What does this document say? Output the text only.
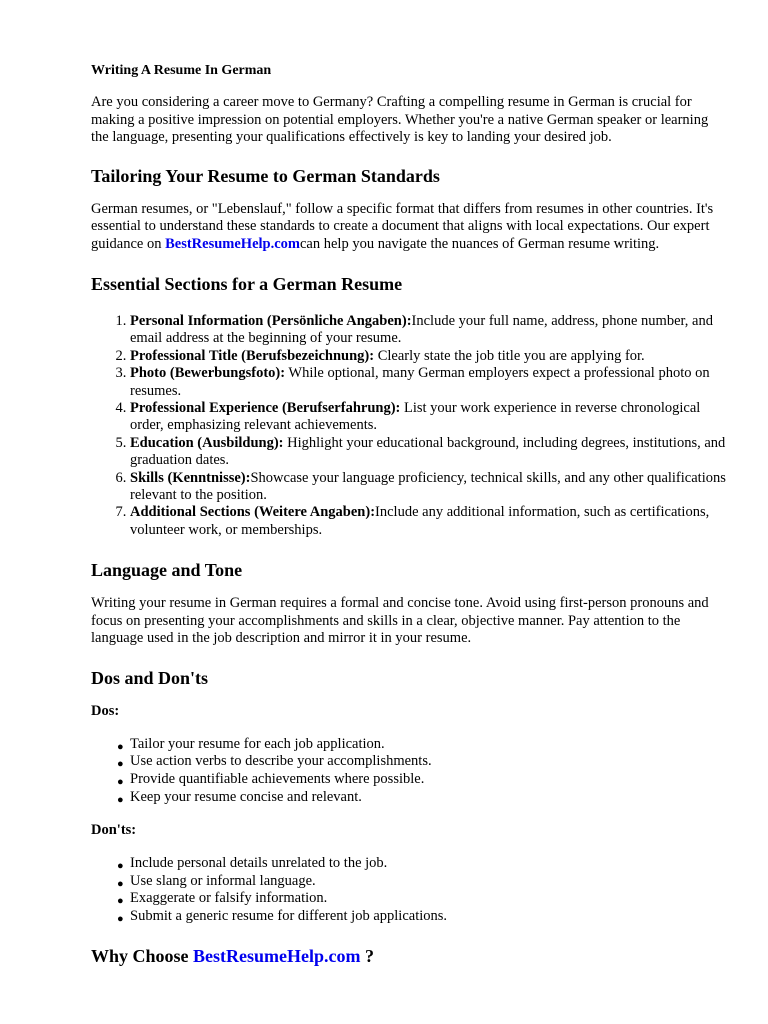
Writing A Resume In German

Are you considering a career move to Germany? Crafting a compelling resume in German is crucial for making a positive impression on potential employers. Whether you're a native German speaker or learning the language, presenting your qualifications effectively is key to landing your desired job.

Tailoring Your Resume to German Standards

German resumes, or "Lebenslauf," follow a specific format that differs from resumes in other countries. It's essential to understand these standards to create a document that aligns with local expectations. Our expert guidance on BestResumeHelp.comcan help you navigate the nuances of German resume writing.

Essential Sections for a German Resume
1. Personal Information (Persönliche Angaben):Include your full name, address, phone number, and email address at the beginning of your resume.
2. Professional Title (Berufsbezeichnung): Clearly state the job title you are applying for.
3. Photo (Bewerbungsfoto): While optional, many German employers expect a professional photo on resumes.
4. Professional Experience (Berufserfahrung): List your work experience in reverse chronological order, emphasizing relevant achievements.
5. Education (Ausbildung): Highlight your educational background, including degrees, institutions, and graduation dates.
6. Skills (Kenntnisse):Showcase your language proficiency, technical skills, and any other qualifications relevant to the position.
7. Additional Sections (Weitere Angaben):Include any additional information, such as certifications, volunteer work, or memberships.
Language and Tone

Writing your resume in German requires a formal and concise tone. Avoid using first-person pronouns and focus on presenting your accomplishments and skills in a clear, objective manner. Pay attention to the language used in the job description and mirror it in your resume.

Dos and Don'ts
Dos:
● Tailor your resume for each job application.
● Use action verbs to describe your accomplishments.
● Provide quantifiable achievements where possible.
● Keep your resume concise and relevant.
Don'ts:
● Include personal details unrelated to the job.
● Use slang or informal language.
● Exaggerate or falsify information.
● Submit a generic resume for different job applications.
Why Choose BestResumeHelp.com ?
